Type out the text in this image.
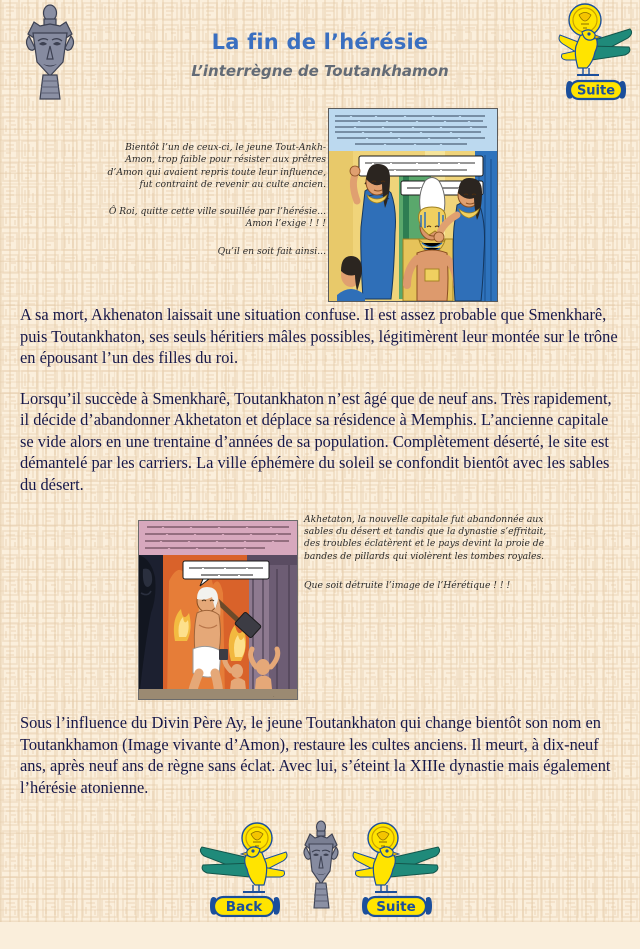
La fin de l’hérésie
L’interrègne de Toutankhamon
Suite

Bientôt l’un de ceux-ci, le jeune Tout-Ankh-Amon, trop faible pour résister aux prêtres d’Amon qui avaient repris toute leur influence, fut contraint de revenir au culte ancien.

Ô Roi, quitte cette ville souillée par l’hérésie... Amon l’exige ! ! !

Qu’il en soit fait ainsi...

A sa mort, Akhenaton laissait une situation confuse. Il est assez probable que Smenkharê, puis Toutankhaton, ses seuls héritiers mâles possibles, légitimèrent leur montée sur le trône en épousant l’un des filles du roi.

Lorsqu’il succède à Smenkharê, Toutankhaton n’est âgé que de neuf ans. Très rapidement, il décide d’abandonner Akhetaton et déplace sa résidence à Memphis. L’ancienne capitale se vide alors en une trentaine d’années de sa population. Complètement déserté, le site est démantelé par les carriers. La ville éphémère du soleil se confondit bientôt avec les sables du désert.

.

Akhetaton, la nouvelle capitale fut abandonnée aux sables du désert et tandis que la dynastie s’effritait, des troubles éclatèrent et le pays devint la proie de bandes de pillards qui violèrent les tombes royales.

Que soit détruite l’image de l’Hérétique ! ! !

Sous l’influence du Divin Père Ay, le jeune Toutankhaton qui change bientôt son nom en Toutankhamon (Image vivante d’Amon), restaure les cultes anciens. Il meurt, à dix-neuf ans, après neuf ans de règne sans éclat. Avec lui, s’éteint la XIIIe dynastie mais également l’hérésie atonienne.

Back	Suite
